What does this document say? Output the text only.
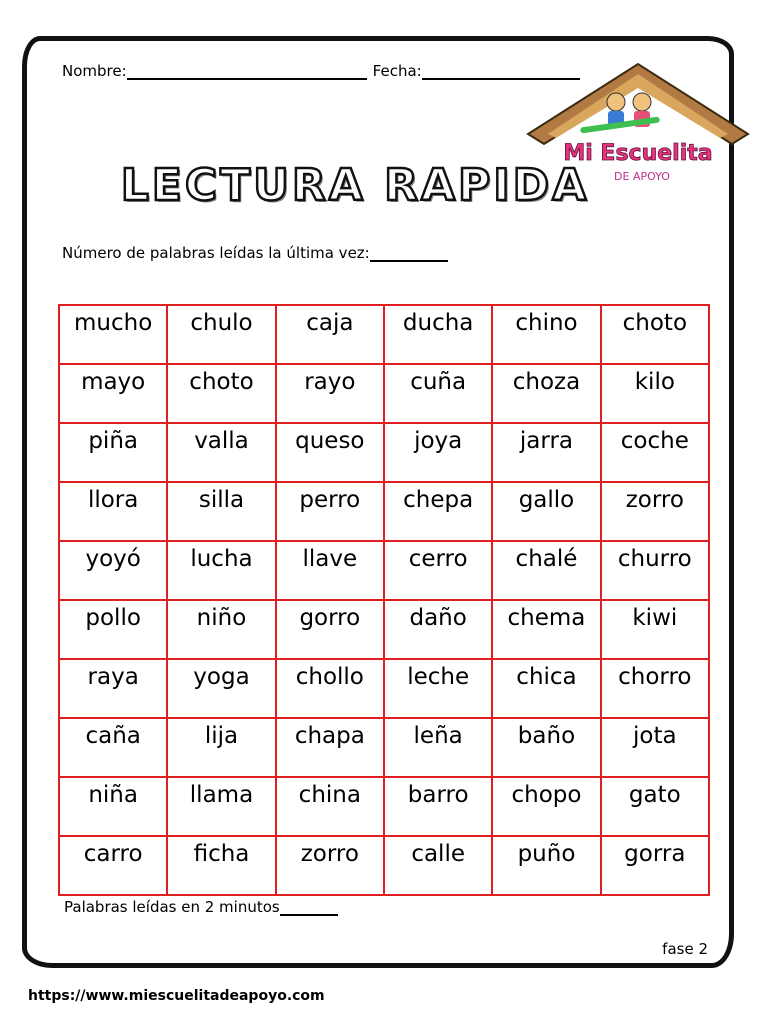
Nombre:	Fecha:
Mi Escuelita
DE APOYO
LECTURA RAPIDA
Número de palabras leídas la última vez:
mucho	chulo	caja	ducha	chino	choto
mayo	choto	rayo	cuña	choza	kilo
piña	valla	queso	joya	jarra	coche
llora	silla	perro	chepa	gallo	zorro
yoyó	lucha	llave	cerro	chalé	churro
pollo	niño	gorro	daño	chema	kiwi
raya	yoga	chollo	leche	chica	chorro
caña	lija	chapa	leña	baño	jota
niña	llama	china	barro	chopo	gato
carro	ficha	zorro	calle	puño	gorra
Palabras leídas en 2 minutos
fase 2
https://www.miescuelitadeapoyo.com
